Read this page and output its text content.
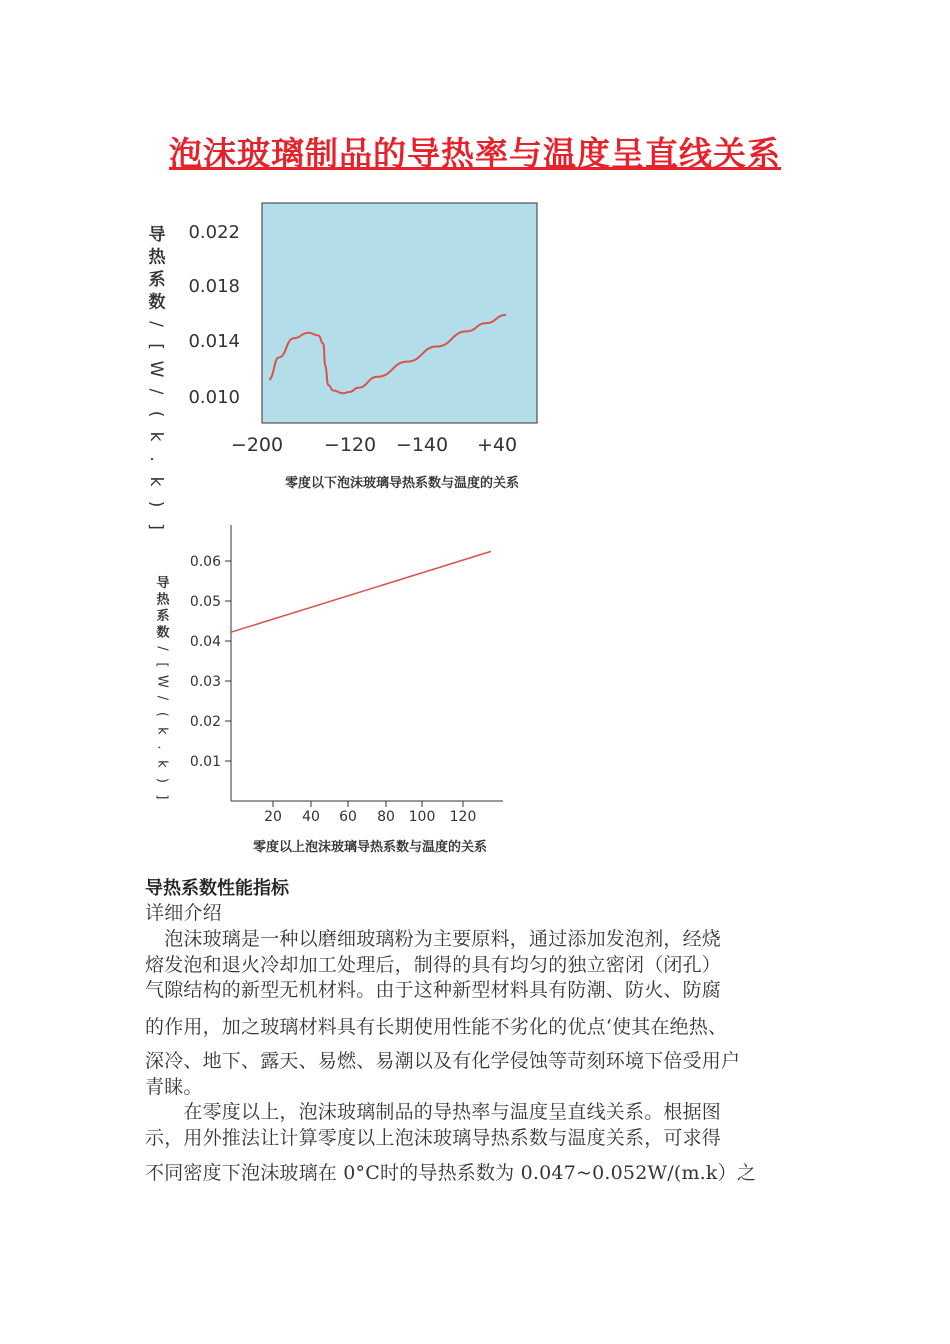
泡沫玻璃制品的导热率与温度呈直线关系
导
热
系
数
/
[
W
/
(
k
.
k
)
]
0.022
0.018
0.014
0.010
−200 −120 −140 +40
零度以下泡沫玻璃导热系数与温度的关系
导
热
系
数
/
[
W
/
(
k
.
k
)
]
0.06
0.05
0.04
0.03
0.02
0.01
20 40 60 80 100 120
零度以上泡沫玻璃导热系数与温度的关系
导热系数性能指标
详细介绍
　泡沫玻璃是一种以磨细玻璃粉为主要原料，通过添加发泡剂，经烧
熔发泡和退火冷却加工处理后，制得的具有均匀的独立密闭（闭孔）
气隙结构的新型无机材料。由于这种新型材料具有防潮、防火、防腐
的作用，加之玻璃材料具有长期使用性能不劣化的优点‘使其在绝热、
深冷、地下、露天、易燃、易潮以及有化学侵蚀等苛刻环境下倍受用户
青睐。
　　在零度以上，泡沫玻璃制品的导热率与温度呈直线关系。根据图
示，用外推法让计算零度以上泡沫玻璃导热系数与温度关系，可求得
不同密度下泡沫玻璃在 0°C时的导热系数为 0.047~0.052W/(m.k）之
